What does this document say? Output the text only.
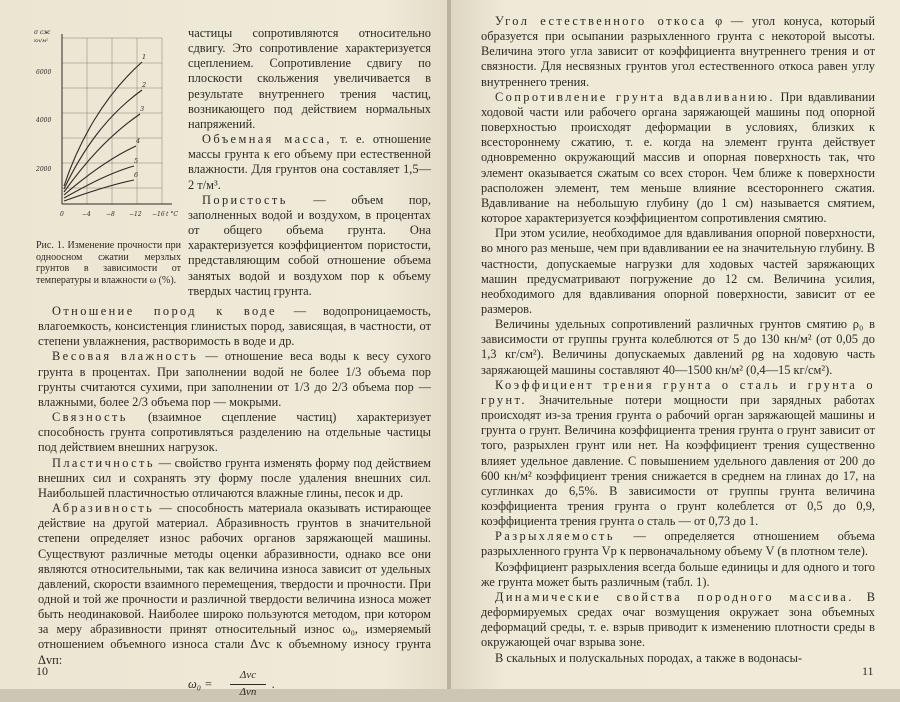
1
2
3
4
5
6
σ сж
кн/м²
2000
4000
6000
0	−4	−8 −12 −16 t °C
Рис. 1. Изменение прочности при одноосном сжатии мерзлых грунтов в зависимости от температуры и влажности ω (%).

частицы сопротивляются относительно сдвигу. Это сопротивление характеризуется сцеплением. Сопротивление сдвигу по плоскости скольжения увеличивается в результате внутреннего трения частиц, возникающего под действием нормальных напряжений.

Объемная масса, т. е. отношение массы грунта к его объему при естественной влажности. Для грунтов она составляет 1,5—2 т/м³.

Пористость — объем пор, заполненных водой и воздухом, в процентах от общего объема грунта. Она характеризуется коэффициентом пористости, представляющим собой отношение объема занятых водой и воздухом пор к объему твердых частиц грунта.

Отношение пород к воде — водопроницаемость, влагоемкость, консистенция глинистых пород, зависящая, в частности, от степени увлажнения, растворимость в воде и др.

Весовая влажность — отношение веса воды к весу сухого грунта в процентах. При заполнении водой не более 1/3 объема пор грунты считаются сухими, при заполнении от 1/3 до 2/3 объема пор — влажными, более 2/3 объема пор — мокрыми.

Связность (взаимное сцепление частиц) характеризует способность грунта сопротивляться разделению на отдельные частицы под действием внешних нагрузок.

Пластичность — свойство грунта изменять форму под действием внешних сил и сохранять эту форму после удаления внешних сил. Наибольшей пластичностью отличаются влажные глины, песок и др.

Абразивность — способность материала оказывать истирающее действие на другой материал. Абразивность грунтов в значительной степени определяет износ рабочих органов заряжающей машины. Существуют различные методы оценки абразивности, однако все они являются относительными, так как величина износа зависит от удельных давлений, скорости взаимного перемещения, твердости и прочности. При одной и той же прочности и различной твердости величина износа может быть неодинаковой. Наиболее широко пользуются методом, при котором за меру абразивности принят относительный износ ω₀, измеряемый отношением объемного износа стали Δvс к объемному износу грунта Δvп:

ω₀ =
Δvс
Δvп
.
10

Угол естественного откоса φ — угол конуса, который образуется при осыпании разрыхленного грунта с некоторой высоты. Величина этого угла зависит от коэффициента внутреннего трения и от связности. Для несвязных грунтов угол естественного откоса равен углу внутреннего трения.

Сопротивление грунта вдавливанию. При вдавливании ходовой части или рабочего органа заряжающей машины под опорной поверхностью происходят деформации в условиях, близких к всестороннему сжатию, т. е. когда на элемент грунта действует одновременно окружающий массив и опорная поверхность так, что элемент оказывается сжатым со всех сторон. Чем ближе к поверхности расположен элемент, тем меньше влияние всестороннего сжатия. Вдавливание на небольшую глубину (до 1 см) называется смятием, которое характеризуется коэффициентом сопротивления смятию.

При этом усилие, необходимое для вдавливания опорной поверхности, во много раз меньше, чем при вдавливании ее на значительную глубину. В частности, допускаемые нагрузки для ходовых частей заряжающих машин предусматривают погружение до 12 см. Величина усилия, необходимого для вдавливания опорной поверхности, зависит от ее размеров.

Величины удельных сопротивлений различных грунтов смятию ρ₀ в зависимости от группы грунта колеблются от 5 до 130 кн/м² (от 0,05 до 1,3 кг/см²). Величины допускаемых давлений ρg на ходовую часть заряжающей машины составляют 40—1500 кн/м² (0,4—15 кг/см²).

Коэффициент трения грунта о сталь и грунта о грунт. Значительные потери мощности при зарядных работах происходят из-за трения грунта о рабочий орган заряжающей машины и грунта о грунт. Величина коэффициента трения грунта о грунт зависит от того, разрыхлен грунт или нет. На коэффициент трения существенно влияет удельное давление. С повышением удельного давления от 200 до 600 кн/м² коэффициент трения снижается в среднем на глинах до 17, на суглинках до 6,5%. В зависимости от группы грунта величина коэффициента трения грунта о грунт колеблется от 0,5 до 0,9, коэффициента трения грунта о сталь — от 0,73 до 1.

Разрыхляемость — определяется отношением объема разрыхленного грунта Vр к первоначальному объему V (в плотном теле).

Коэффициент разрыхления всегда больше единицы и для одного и того же грунта может быть различным (табл. 1).

Динамические свойства породного массива. В деформируемых средах очаг возмущения окружает зона объемных деформаций среды, т. е. взрыв приводит к изменению плотности среды в окружающей очаг взрыва зоне.

В скальных и полускальных породах, а также в водонасы-

11
